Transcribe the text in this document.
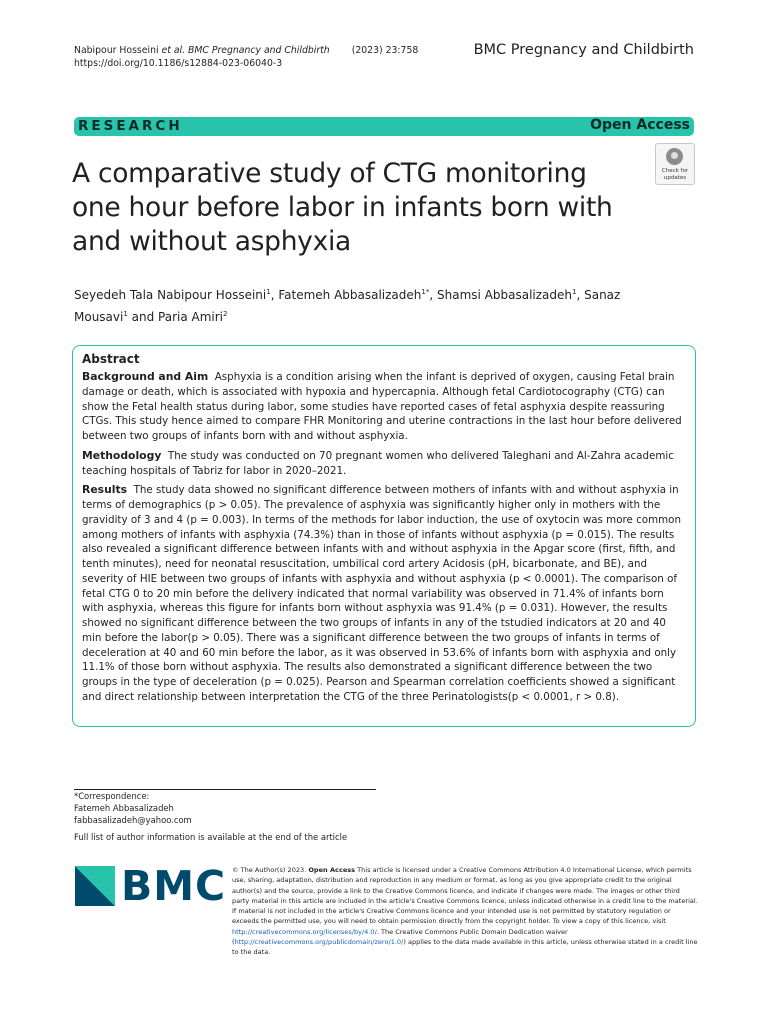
Nabipour Hosseini et al. BMC Pregnancy and Childbirth (2023) 23:758
https://doi.org/10.1186/s12884-023-06040-3
BMC Pregnancy and Childbirth
RESEARCH	Open Access
A comparative study of CTG monitoring one hour before labor in infants born with and without asphyxia
Check for updates
Seyedeh Tala Nabipour Hosseini$^1$, Fatemeh Abbasalizadeh$^{1*}$, Shamsi Abbasalizadeh$^1$, Sanaz Mousavi$^1$ and Paria Amiri$^2$
Abstract

Background and Aim Asphyxia is a condition arising when the infant is deprived of oxygen, causing Fetal brain damage or death, which is associated with hypoxia and hypercapnia. Although fetal Cardiotocography (CTG) can show the Fetal health status during labor, some studies have reported cases of fetal asphyxia despite reassuring CTGs. This study hence aimed to compare FHR Monitoring and uterine contractions in the last hour before delivered between two groups of infants born with and without asphyxia.

Methodology The study was conducted on 70 pregnant women who delivered Taleghani and Al-Zahra academic teaching hospitals of Tabriz for labor in 2020–2021.

Results The study data showed no significant difference between mothers of infants with and without asphyxia in terms of demographics (p > 0.05). The prevalence of asphyxia was significantly higher only in mothers with the gravidity of 3 and 4 (p = 0.003). In terms of the methods for labor induction, the use of oxytocin was more common among mothers of infants with asphyxia (74.3%) than in those of infants without asphyxia (p = 0.015). The results also revealed a significant difference between infants with and without asphyxia in the Apgar score (first, fifth, and tenth minutes), need for neonatal resuscitation, umbilical cord artery Acidosis (pH, bicarbonate, and BE), and severity of HIE between two groups of infants with asphyxia and without asphyxia (p < 0.0001). The comparison of fetal CTG 0 to 20 min before the delivery indicated that normal variability was observed in 71.4% of infants born with asphyxia, whereas this figure for infants born without asphyxia was 91.4% (p = 0.031). However, the results showed no significant difference between the two groups of infants in any of the tstudied indicators at 20 and 40 min before the labor(p > 0.05). There was a significant difference between the two groups of infants in terms of deceleration at 40 and 60 min before the labor, as it was observed in 53.6% of infants born with asphyxia and only 11.1% of those born without asphyxia. The results also demonstrated a significant difference between the two groups in the type of deceleration (p = 0.025). Pearson and Spearman correlation coefficients showed a significant and direct relationship between interpretation the CTG of the three Perinatologists(p < 0.0001, r > 0.8).

*Correspondence:
Fatemeh Abbasalizadeh
fabbasalizadeh@yahoo.com
Full list of author information is available at the end of the article
BMC © The Author(s) 2023. Open Access This article is licensed under a Creative Commons Attribution 4.0 International License, which permits use, sharing, adaptation, distribution and reproduction in any medium or format, as long as you give appropriate credit to the original author(s) and the source, provide a link to the Creative Commons licence, and indicate if changes were made. The images or other third party material in this article are included in the article's Creative Commons licence, unless indicated otherwise in a credit line to the material. If material is not included in the article's Creative Commons licence and your intended use is not permitted by statutory regulation or exceeds the permitted use, you will need to obtain permission directly from the copyright holder. To view a copy of this licence, visit http://creativecommons.org/licenses/by/4.0/. The Creative Commons Public Domain Dedication waiver (http://creativecommons.org/publicdomain/zero/1.0/) applies to the data made available in this article, unless otherwise stated in a credit line to the data.
